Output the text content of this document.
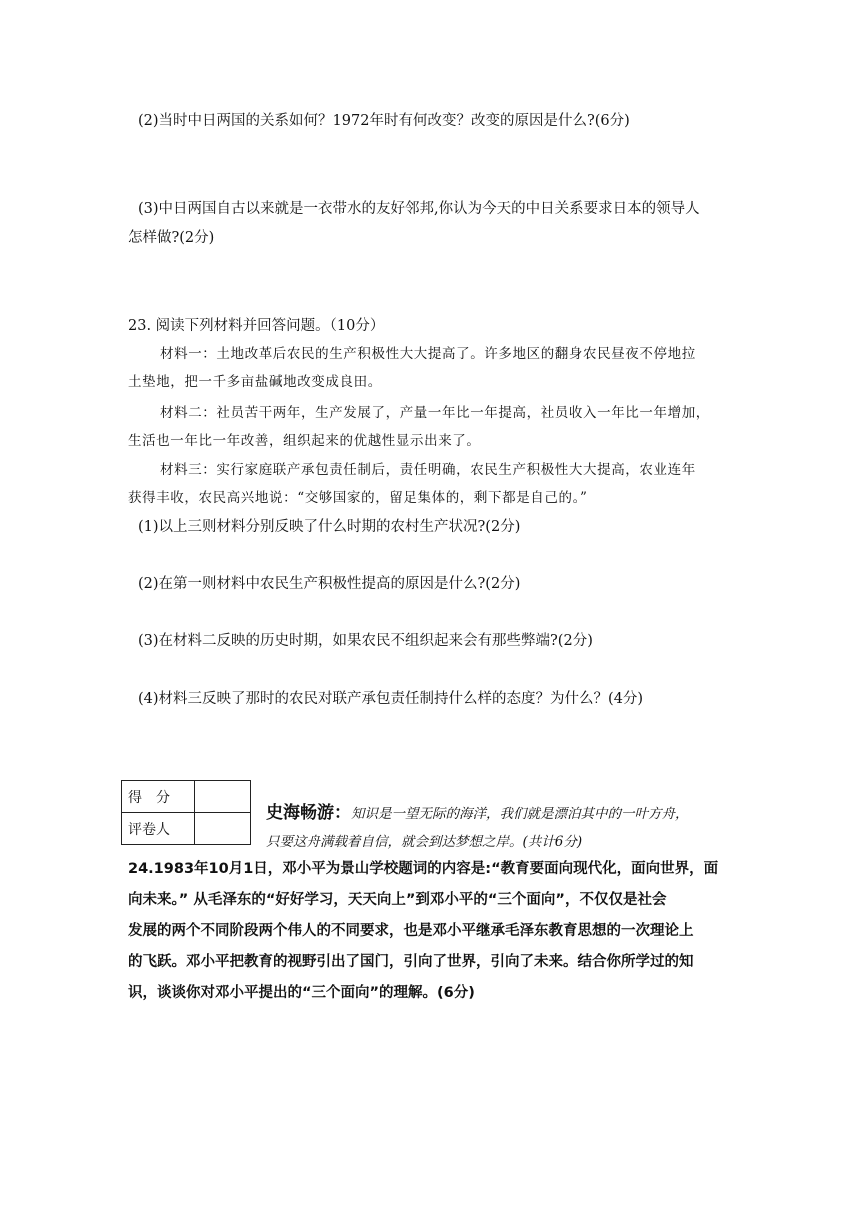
(2)当时中日两国的关系如何？1972年时有何改变？改变的原因是什么?(6分)
(3)中日两国自古以来就是一衣带水的友好邻邦,你认为今天的中日关系要求日本的领导人
怎样做?(2分)
23. 阅读下列材料并回答问题。（10分）
材料一：土地改革后农民的生产积极性大大提高了。许多地区的翻身农民昼夜不停地拉
土垫地，把一千多亩盐碱地改变成良田。
材料二：社员苦干两年，生产发展了，产量一年比一年提高，社员收入一年比一年增加，
生活也一年比一年改善，组织起来的优越性显示出来了。
材料三：实行家庭联产承包责任制后，责任明确，农民生产积极性大大提高，农业连年
获得丰收，农民高兴地说：“交够国家的，留足集体的，剩下都是自己的。”
(1)以上三则材料分别反映了什么时期的农村生产状况?(2分)
(2)在第一则材料中农民生产积极性提高的原因是什么?(2分)
(3)在材料二反映的历史时期，如果农民不组织起来会有那些弊端?(2分)
(4)材料三反映了那时的农民对联产承包责任制持什么样的态度？为什么？(4分)
得　分	
评卷人	
史海畅游：知识是一望无际的海洋，我们就是漂泊其中的一叶方舟，
只要这舟满载着自信，就会到达梦想之岸。(共计6分)
24.1983年10月1日，邓小平为景山学校题词的内容是:“教育要面向现代化，面向世界，面
向未来。” 从毛泽东的“好好学习，天天向上”到邓小平的“三个面向”，不仅仅是社会
发展的两个不同阶段两个伟人的不同要求，也是邓小平继承毛泽东教育思想的一次理论上
的飞跃。邓小平把教育的视野引出了国门，引向了世界，引向了未来。结合你所学过的知
识，谈谈你对邓小平提出的“三个面向”的理解。(6分)
